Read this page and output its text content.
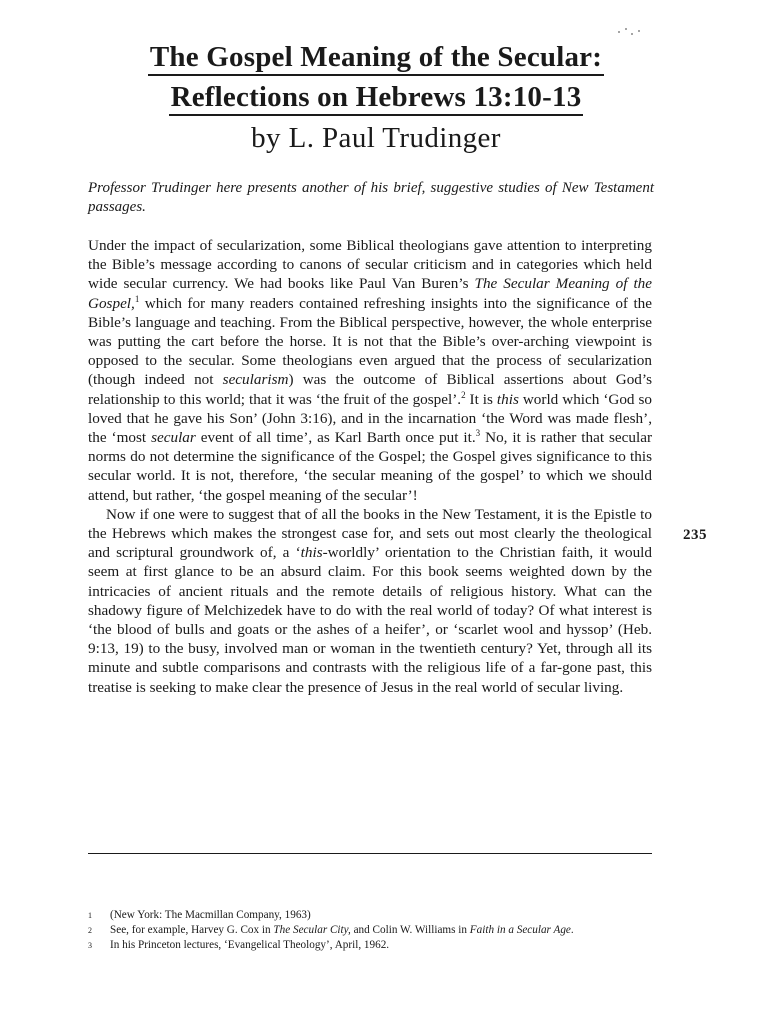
The Gospel Meaning of the Secular:
Reflections on Hebrews 13:10-13
by L. Paul Trudinger
Professor Trudinger here presents another of his brief, suggestive studies of New Testament passages.

Under the impact of secularization, some Biblical theologians gave attention to interpreting the Bible’s message according to canons of secular criticism and in categories which held wide secular currency. We had books like Paul Van Buren’s The Secular Meaning of the Gospel,$^1$ which for many readers contained refreshing insights into the significance of the Bible’s language and teaching. From the Biblical perspective, however, the whole enterprise was putting the cart before the horse. It is not that the Bible’s over-arching viewpoint is opposed to the secular. Some theologians even argued that the process of secularization (though indeed not secularism) was the outcome of Biblical assertions about God’s relationship to this world; that it was ‘the fruit of the gospel’.$^2$ It is this world which ‘God so loved that he gave his Son’ (John 3:16), and in the incarnation ‘the Word was made flesh’, the ‘most secular event of all time’, as Karl Barth once put it.$^3$ No, it is rather that secular norms do not determine the significance of the Gospel; the Gospel gives significance to this secular world. It is not, therefore, ‘the secular meaning of the gospel’ to which we should attend, but rather, ‘the gospel meaning of the secular’!

Now if one were to suggest that of all the books in the New Testament, it is the Epistle to the Hebrews which makes the strongest case for, and sets out most clearly the theological and scriptural groundwork of, a ‘this-worldly’ orientation to the Christian faith, it would seem at first glance to be an absurd claim. For this book seems weighted down by the intricacies of ancient rituals and the remote details of religious history. What can the shadowy figure of Melchizedek have to do with the real world of today? Of what interest is ‘the blood of bulls and goats or the ashes of a heifer’, or ‘scarlet wool and hyssop’ (Heb. 9:13, 19) to the busy, involved man or woman in the twentieth century? Yet, through all its minute and subtle comparisons and contrasts with the religious life of a far-gone past, this treatise is seeking to make clear the presence of Jesus in the real world of secular living.

235
1 (New York: The Macmillan Company, 1963)
2 See, for example, Harvey G. Cox in The Secular City, and Colin W. Williams in Faith in a Secular Age.
3 In his Princeton lectures, ‘Evangelical Theology’, April, 1962.
